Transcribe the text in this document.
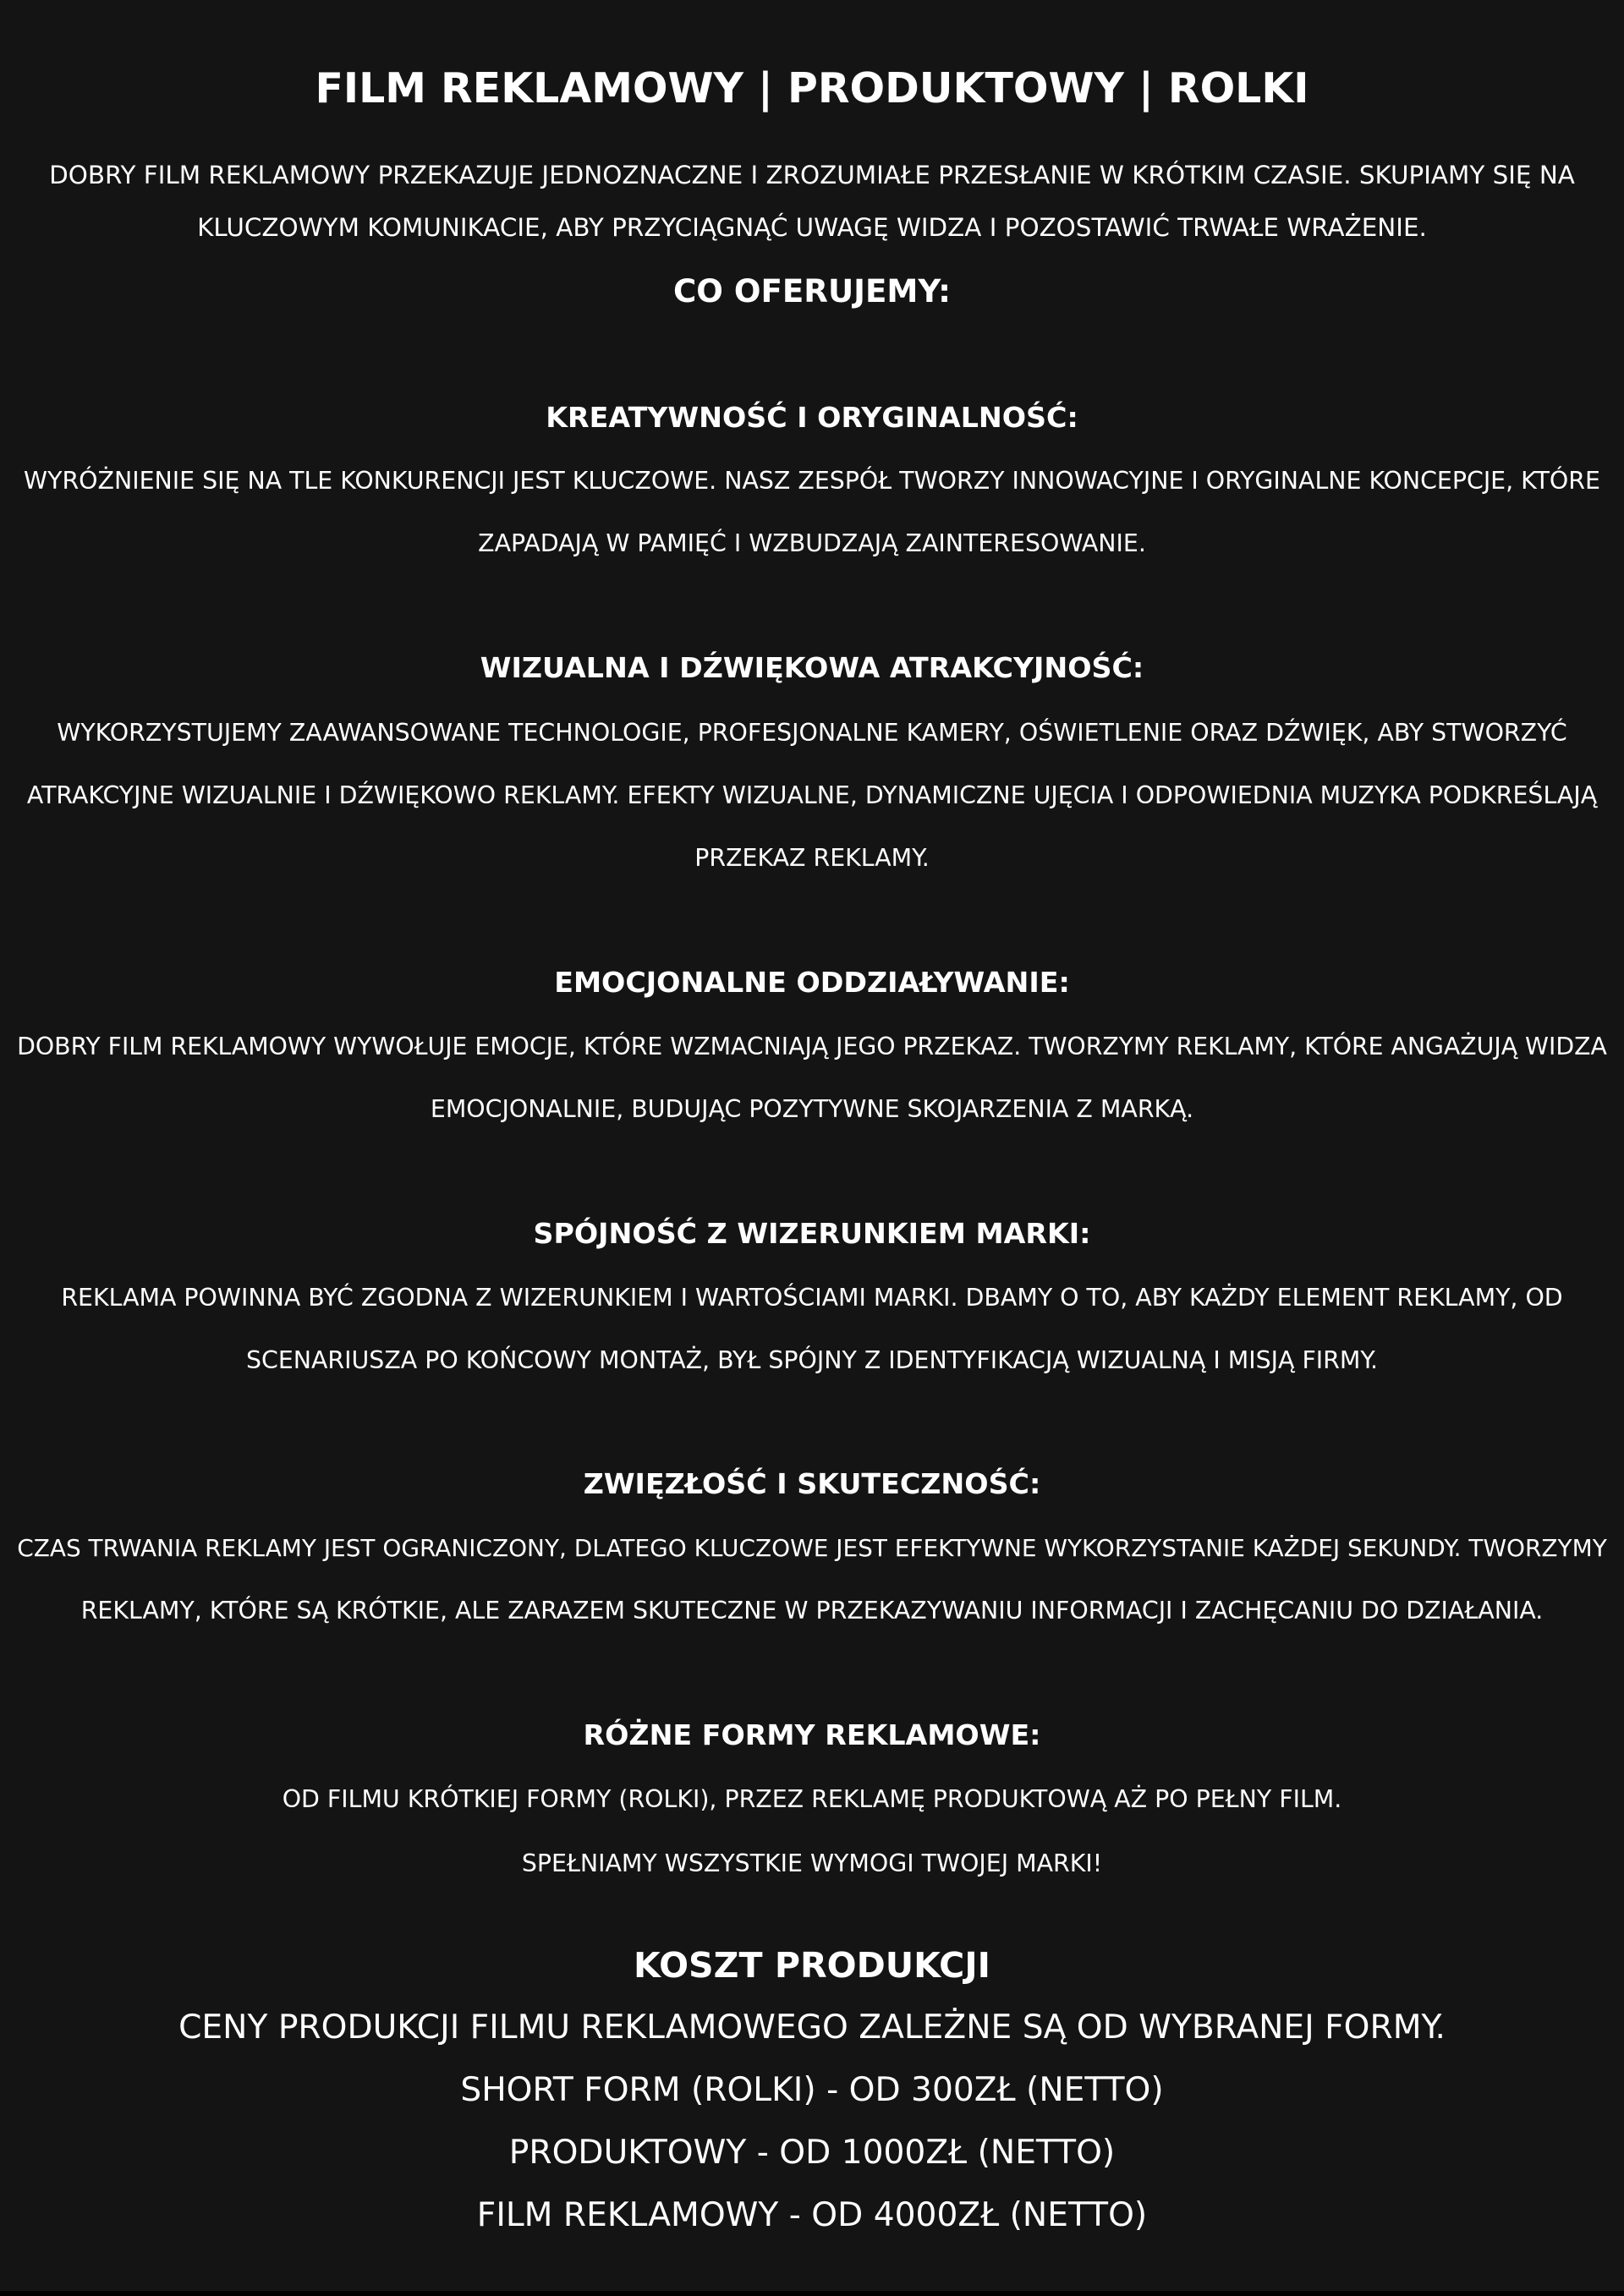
FILM REKLAMOWY | PRODUKTOWY | ROLKI
DOBRY FILM REKLAMOWY PRZEKAZUJE JEDNOZNACZNE I ZROZUMIAŁE PRZESŁANIE W KRÓTKIM CZASIE. SKUPIAMY SIĘ NA
KLUCZOWYM KOMUNIKACIE, ABY PRZYCIĄGNĄĆ UWAGĘ WIDZA I POZOSTAWIĆ TRWAŁE WRAŻENIE.
CO OFERUJEMY:
KREATYWNOŚĆ I ORYGINALNOŚĆ:
WYRÓŻNIENIE SIĘ NA TLE KONKURENCJI JEST KLUCZOWE. NASZ ZESPÓŁ TWORZY INNOWACYJNE I ORYGINALNE KONCEPCJE, KTÓRE
ZAPADAJĄ W PAMIĘĆ I WZBUDZAJĄ ZAINTERESOWANIE.
WIZUALNA I DŹWIĘKOWA ATRAKCYJNOŚĆ:
WYKORZYSTUJEMY ZAAWANSOWANE TECHNOLOGIE, PROFESJONALNE KAMERY, OŚWIETLENIE ORAZ DŹWIĘK, ABY STWORZYĆ
ATRAKCYJNE WIZUALNIE I DŹWIĘKOWO REKLAMY. EFEKTY WIZUALNE, DYNAMICZNE UJĘCIA I ODPOWIEDNIA MUZYKA PODKREŚLAJĄ
PRZEKAZ REKLAMY.
EMOCJONALNE ODDZIAŁYWANIE:
DOBRY FILM REKLAMOWY WYWOŁUJE EMOCJE, KTÓRE WZMACNIAJĄ JEGO PRZEKAZ. TWORZYMY REKLAMY, KTÓRE ANGAŻUJĄ WIDZA
EMOCJONALNIE, BUDUJĄC POZYTYWNE SKOJARZENIA Z MARKĄ.
SPÓJNOŚĆ Z WIZERUNKIEM MARKI:
REKLAMA POWINNA BYĆ ZGODNA Z WIZERUNKIEM I WARTOŚCIAMI MARKI. DBAMY O TO, ABY KAŻDY ELEMENT REKLAMY, OD
SCENARIUSZA PO KOŃCOWY MONTAŻ, BYŁ SPÓJNY Z IDENTYFIKACJĄ WIZUALNĄ I MISJĄ FIRMY.
ZWIĘZŁOŚĆ I SKUTECZNOŚĆ:
CZAS TRWANIA REKLAMY JEST OGRANICZONY, DLATEGO KLUCZOWE JEST EFEKTYWNE WYKORZYSTANIE KAŻDEJ SEKUNDY. TWORZYMY
REKLAMY, KTÓRE SĄ KRÓTKIE, ALE ZARAZEM SKUTECZNE W PRZEKAZYWANIU INFORMACJI I ZACHĘCANIU DO DZIAŁANIA.
RÓŻNE FORMY REKLAMOWE:
OD FILMU KRÓTKIEJ FORMY (ROLKI), PRZEZ REKLAMĘ PRODUKTOWĄ AŻ PO PEŁNY FILM.
SPEŁNIAMY WSZYSTKIE WYMOGI TWOJEJ MARKI!
KOSZT PRODUKCJI
CENY PRODUKCJI FILMU REKLAMOWEGO ZALEŻNE SĄ OD WYBRANEJ FORMY.
SHORT FORM (ROLKI) - OD 300ZŁ (NETTO)
PRODUKTOWY - OD 1000ZŁ (NETTO)
FILM REKLAMOWY - OD 4000ZŁ (NETTO)
